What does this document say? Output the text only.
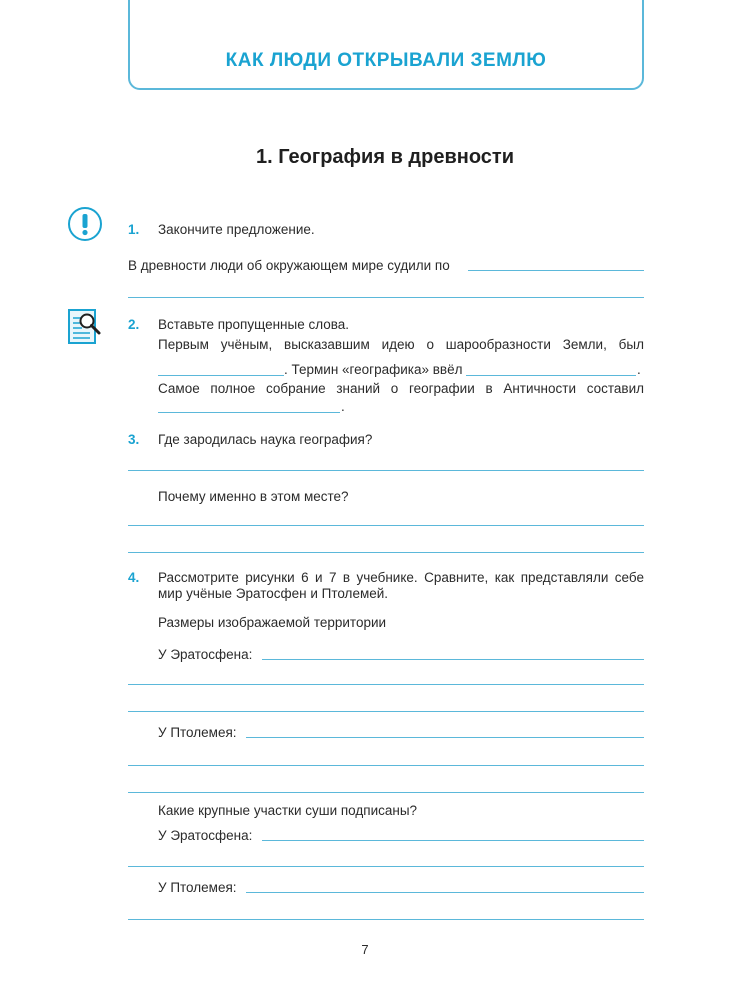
КАК ЛЮДИ ОТКРЫВАЛИ ЗЕМЛЮ
1. География в древности
1. Закончите предложение.
В древности люди об окружающем мире судили по
2. Вставьте пропущенные слова.
Первым учёным, высказавшим идею о шарообразности Земли, был
. Термин «географика» ввёл	.
Самое полное собрание знаний о географии в Античности составил
.
3. Где зародилась наука география?
Почему именно в этом месте?
4. Рассмотрите рисунки 6 и 7 в учебнике. Сравните, как представляли себе
мир учёные Эратосфен и Птолемей.
Размеры изображаемой территории
У Эратосфена:
У Птолемея:
Какие крупные участки суши подписаны?
У Эратосфена:
У Птолемея:
7
